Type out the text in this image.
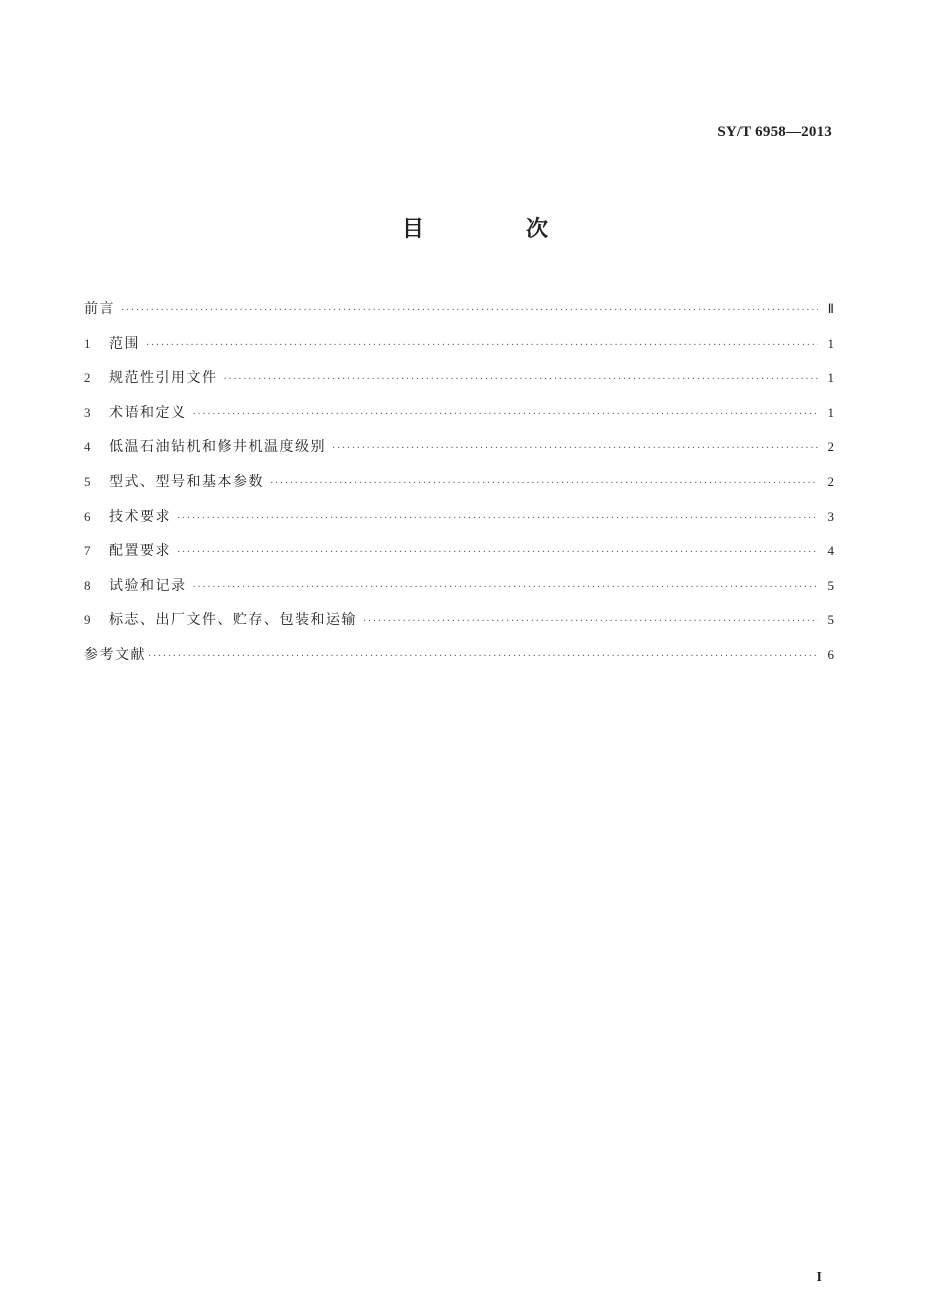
SY/T 6958—2013
目　次
前言 ·····	Ⅱ
1	范围 ·····	1
2	规范性引用文件 ·····	1
3	术语和定义 ·····	1
4	低温石油钻机和修井机温度级别 ·····	2
5	型式、型号和基本参数 ·····	2
6	技术要求 ·····	3
7	配置要求 ·····	4
8	试验和记录 ·····	5
9	标志、出厂文件、贮存、包装和运输 ·····	5
参考文献 ·····	6
I
